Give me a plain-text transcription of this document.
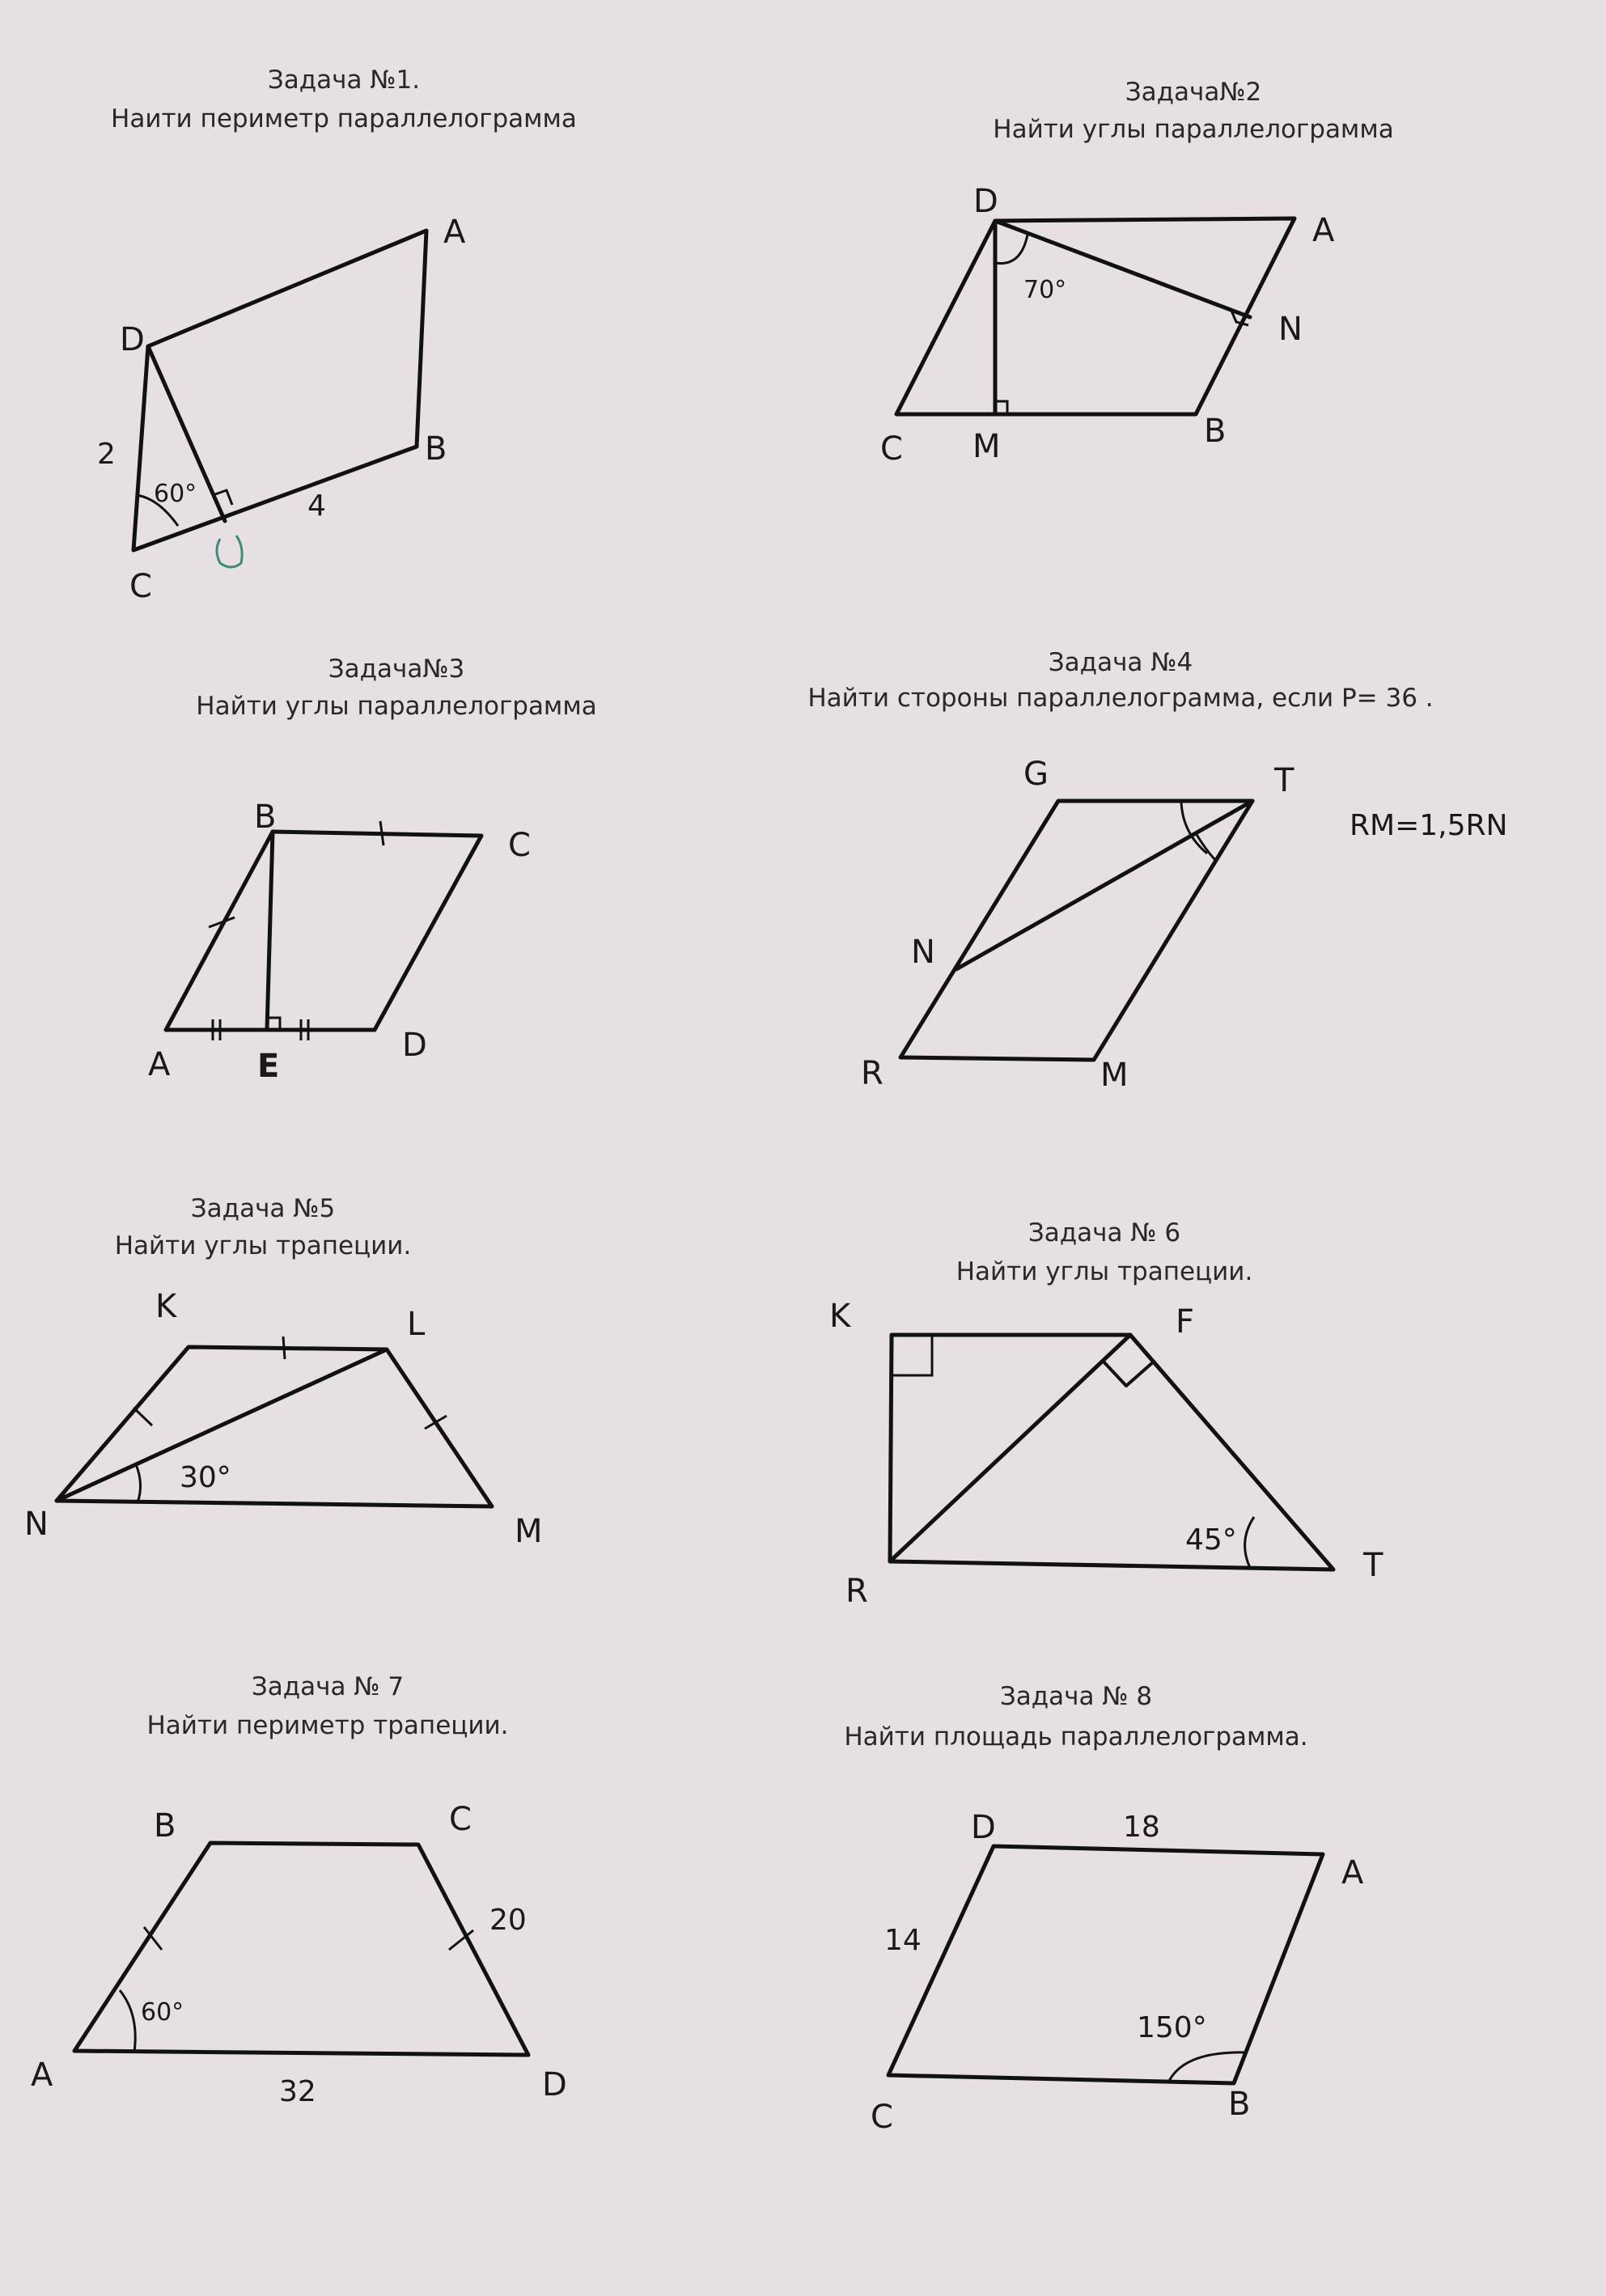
Задача №1.
Наити периметр параллелограмма
Задача№2
Найти углы параллелограмма
Задача№3
Найти углы параллелограмма
Задача №4
Найти стороны параллелограмма, если Р= 36 .
Задача №5
Найти углы трапеции.	Задача № 6
Найти углы трапеции.
Задача № 7
Найти периметр трапеции.
Задача № 8
Найти площадь параллелограмма.
A
B
C
D
2
4
60°
D
A
N
B
M
C
70°
B
C
A	E
D
G	T
N
R	M
RM=1,5RN
K	L
N	M
30°
K	F
R
T
45°
B	C
A	D
20
32
60°
D
A
B
C
18
14
150°
